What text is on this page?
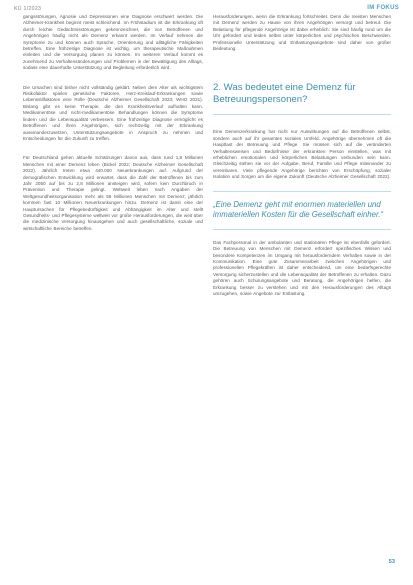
KÜ 1/2023	IM FOKUS

gangsstörungen, Agnosie und Depressionen eine Diagnose erschwert werden. Die Alzheimer-Krankheit beginnt meist schleichend. Im Frühstadium ist die Erkrankung oft durch leichte Gedächtnisstörungen gekennzeichnet, die von Betroffenen und Angehörigen häufig nicht als Demenz erkannt werden. Im Verlauf nehmen die Symptome zu und können auch Sprache, Orientierung und alltägliche Fähigkeiten betreffen. Eine frühzeitige Diagnose ist wichtig, um therapeutische Maßnahmen einleiten und die Versorgung planen zu können. Im weiteren Verlauf kommt es zunehmend zu Verhaltensänderungen und Problemen in der Bewältigung des Alltags, sodass eine dauerhafte Unterstützung und Begleitung erforderlich wird.

Die Ursachen sind bisher nicht vollständig geklärt. Neben dem Alter als wichtigstem Risikofaktor spielen genetische Faktoren, Herz-Kreislauf-Erkrankungen sowie Lebensstilfaktoren eine Rolle (Deutsche Alzheimer Gesellschaft 2023; WHO 2021). Bislang gibt es keine Therapie, die den Krankheitsverlauf aufhalten kann. Medikamentöse und nicht-medikamentöse Behandlungen können die Symptome lindern und die Lebensqualität verbessern. Eine frühzeitige Diagnose ermöglicht es Betroffenen und ihren Angehörigen, sich rechtzeitig mit der Erkrankung auseinanderzusetzen, Unterstützungsangebote in Anspruch zu nehmen und Entscheidungen für die Zukunft zu treffen.

Für Deutschland gehen aktuelle Schätzungen davon aus, dass rund 1,8 Millionen Menschen mit einer Demenz leben (Bickel 2022; Deutsche Alzheimer Gesellschaft 2022). Jährlich treten etwa 440.000 Neuerkrankungen auf. Aufgrund der demografischen Entwicklung wird erwartet, dass die Zahl der Betroffenen bis zum Jahr 2050 auf bis zu 2,8 Millionen ansteigen wird, sofern kein Durchbruch in Prävention und Therapie gelingt. Weltweit leben nach Angaben der Weltgesundheitsorganisation mehr als 55 Millionen Menschen mit Demenz; jährlich kommen fast 10 Millionen Neuerkrankungen hinzu. Demenz ist damit eine der Hauptursachen für Pflegebedürftigkeit und Abhängigkeit im Alter und stellt Gesundheits- und Pflegesysteme weltweit vor große Herausforderungen, die weit über die medizinische Versorgung hinausgehen und auch gesellschaftliche, soziale und wirtschaftliche Bereiche betreffen.

Herausforderungen, wenn die Erkrankung fortschreitet. Denn die meisten Menschen mit Demenz werden zu Hause von ihren Angehörigen versorgt und betreut. Die Belastung für pflegende Angehörige ist dabei erheblich: Sie sind häufig rund um die Uhr gefordert und leiden selbst unter körperlichen und psychischen Beschwerden. Professionelle Unterstützung und Entlastungsangebote sind daher von großer Bedeutung.

2. Was bedeutet eine Demenz für Betreuungspersonen?

Eine Demenzerkrankung hat nicht nur Auswirkungen auf die Betroffenen selbst, sondern auch auf ihr gesamtes soziales Umfeld. Angehörige übernehmen oft die Hauptlast der Betreuung und Pflege. Sie müssen sich auf die veränderten Verhaltensweisen und Bedürfnisse der erkrankten Person einstellen, was mit erheblichen emotionalen und körperlichen Belastungen verbunden sein kann. Gleichzeitig stehen sie vor der Aufgabe, Beruf, Familie und Pflege miteinander zu vereinbaren. Viele pflegende Angehörige berichten von Erschöpfung, sozialer Isolation und Sorgen um die eigene Zukunft (Deutsche Alzheimer Gesellschaft 2022).

„Eine Demenz geht mit enormen materiellen und immateriellen Kosten für die Gesellschaft einher.“

Das Fachpersonal in der ambulanten und stationären Pflege ist ebenfalls gefordert. Die Betreuung von Menschen mit Demenz erfordert spezifisches Wissen und besondere Kompetenzen im Umgang mit herausforderndem Verhalten sowie in der Kommunikation. Eine gute Zusammenarbeit zwischen Angehörigen und professionellen Pflegekräften ist daher entscheidend, um eine bedarfsgerechte Versorgung sicherzustellen und die Lebensqualität der Betroffenen zu erhalten. Dazu gehören auch Schulungsangebote und Beratung, die Angehörigen helfen, die Erkrankung besser zu verstehen und mit den Herausforderungen des Alltags umzugehen, sowie Angebote zur Entlastung.

53
